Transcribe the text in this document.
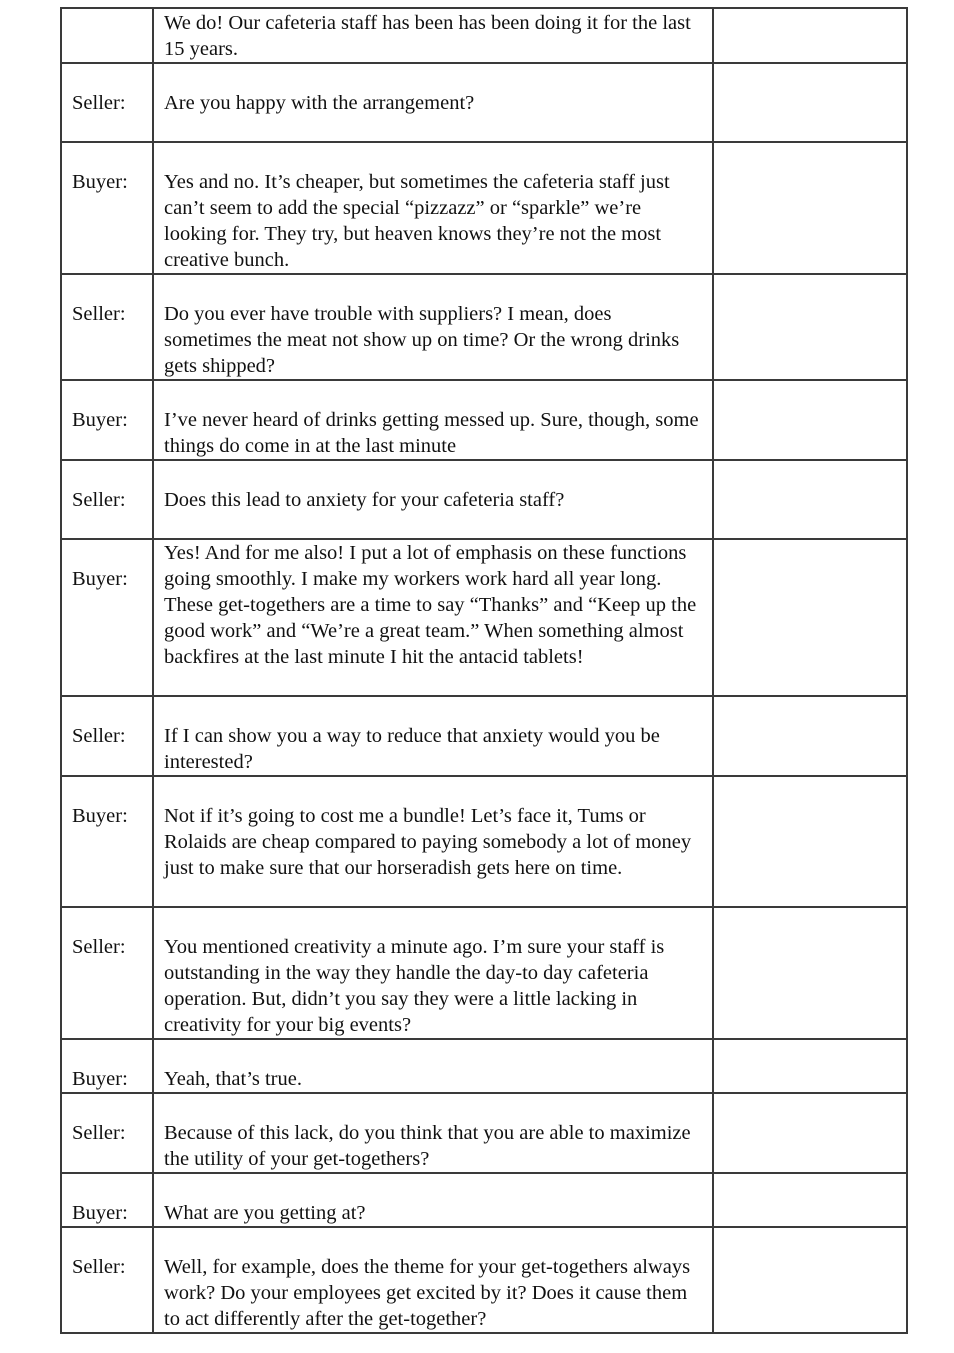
	We do! Our cafeteria staff has been has been doing it for the last 15 years.	
Seller:	Are you happy with the arrangement?	
Buyer:	Yes and no. It’s cheaper, but sometimes the cafeteria staff just can’t seem to add the special “pizzazz” or “sparkle” we’re looking for. They try, but heaven knows they’re not the most creative bunch.	
Seller:	Do you ever have trouble with suppliers? I mean, does sometimes the meat not show up on time? Or the wrong drinks gets shipped?	
Buyer:	I’ve never heard of drinks getting messed up. Sure, though, some things do come in at the last minute	
Seller:	Does this lead to anxiety for your cafeteria staff?	
Buyer:	Yes! And for me also! I put a lot of emphasis on these functions going smoothly. I make my workers work hard all year long. These get-togethers are a time to say “Thanks” and “Keep up the good work” and “We’re a great team.” When something almost backfires at the last minute I hit the antacid tablets!	
Seller:	If I can show you a way to reduce that anxiety would you be interested?	
Buyer:	Not if it’s going to cost me a bundle! Let’s face it, Tums or Rolaids are cheap compared to paying somebody a lot of money just to make sure that our horseradish gets here on time.	
Seller:	You mentioned creativity a minute ago. I’m sure your staff is outstanding in the way they handle the day-to day cafeteria operation. But, didn’t you say they were a little lacking in creativity for your big events?	
Buyer:	Yeah, that’s true.	
Seller:	Because of this lack, do you think that you are able to maximize the utility of your get-togethers?	
Buyer:	What are you getting at?	
Seller:	Well, for example, does the theme for your get-togethers always work? Do your employees get excited by it? Does it cause them to act differently after the get-together?	
